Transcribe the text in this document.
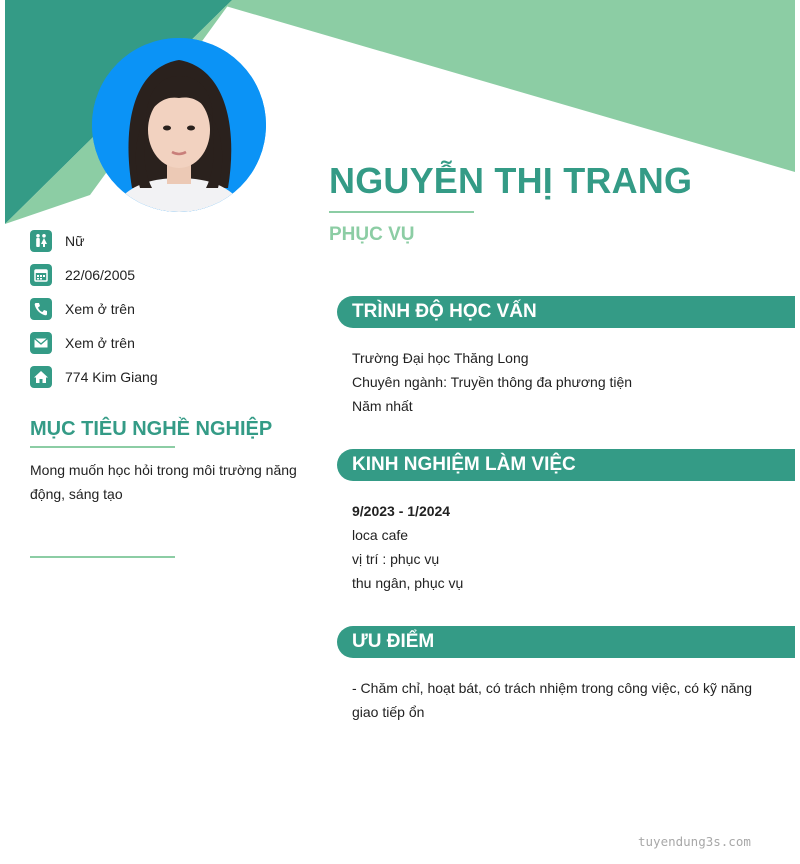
NGUYỄN THỊ TRANG
PHỤC VỤ
Nữ
22/06/2005
Xem ở trên
Xem ở trên
774 Kim Giang
MỤC TIÊU NGHỀ NGHIỆP
Mong muốn học hỏi trong môi trường năng động, sáng tạo
TRÌNH ĐỘ HỌC VẤN
Trường Đại học Thăng Long
Chuyên ngành: Truyền thông đa phương tiện
Năm nhất
KINH NGHIỆM LÀM VIỆC
9/2023 - 1/2024
loca cafe
vị trí : phục vụ
thu ngân, phục vụ
ƯU ĐIỂM
- Chăm chỉ, hoạt bát, có trách nhiệm trong công việc, có kỹ năng giao tiếp ổn
tuyendung3s.com
